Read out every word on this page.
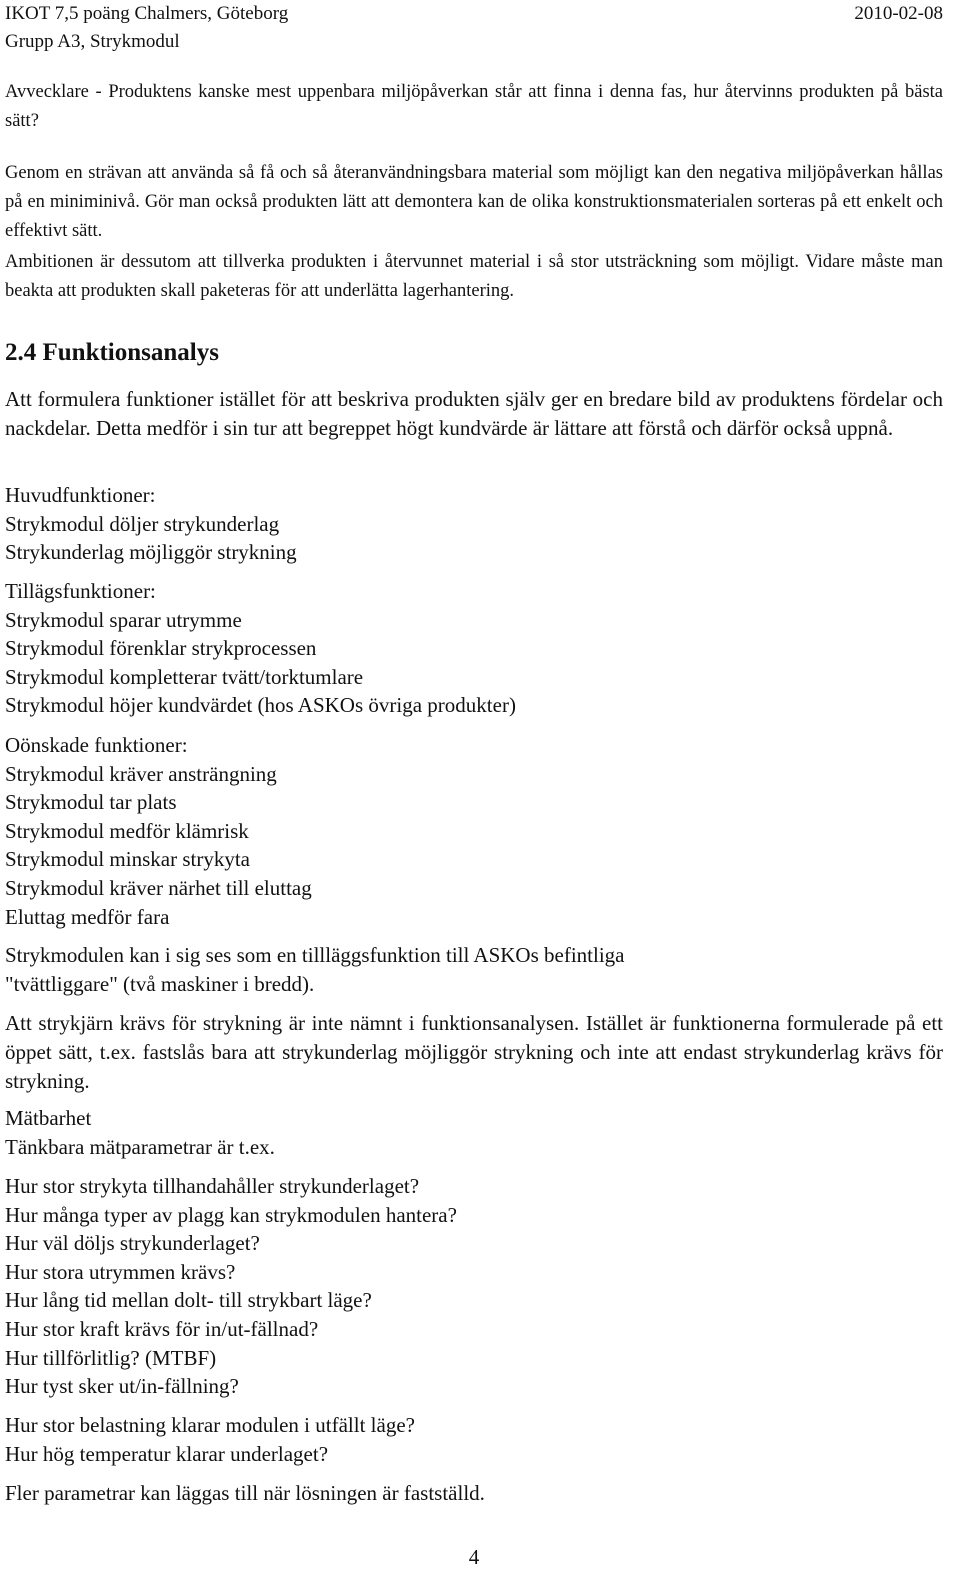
IKOT 7,5 poäng Chalmers, Göteborg	2010-02-08
Grupp A3, Strykmodul

Avvecklare - Produktens kanske mest uppenbara miljöpåverkan står att finna i denna fas, hur återvinns produkten på bästa sätt?

Genom en strävan att använda så få och så återanvändningsbara material som möjligt kan den negativa miljöpåverkan hållas på en miniminivå. Gör man också produkten lätt att demontera kan de olika konstruktionsmaterialen sorteras på ett enkelt och effektivt sätt.

Ambitionen är dessutom att tillverka produkten i återvunnet material i så stor utsträckning som möjligt. Vidare måste man beakta att produkten skall paketeras för att underlätta lagerhantering.

2.4 Funktionsanalys

Att formulera funktioner istället för att beskriva produkten själv ger en bredare bild av produktens fördelar och nackdelar. Detta medför i sin tur att begreppet högt kundvärde är lättare att förstå och därför också uppnå.

Huvudfunktioner:
Strykmodul döljer strykunderlag
Strykunderlag möjliggör strykning
Tillägsfunktioner:
Strykmodul sparar utrymme
Strykmodul förenklar strykprocessen
Strykmodul kompletterar tvätt/torktumlare
Strykmodul höjer kundvärdet (hos ASKOs övriga produkter)
Oönskade funktioner:
Strykmodul kräver ansträngning
Strykmodul tar plats
Strykmodul medför klämrisk
Strykmodul minskar strykyta
Strykmodul kräver närhet till eluttag
Eluttag medför fara
Strykmodulen kan i sig ses som en tillläggsfunktion till ASKOs befintliga
"tvättliggare" (två maskiner i bredd).

Att strykjärn krävs för strykning är inte nämnt i funktionsanalysen. Istället är funktionerna formulerade på ett öppet sätt, t.ex. fastslås bara att strykunderlag möjliggör strykning och inte att endast strykunderlag krävs för strykning.

Mätbarhet
Tänkbara mätparametrar är t.ex.
Hur stor strykyta tillhandahåller strykunderlaget?
Hur många typer av plagg kan strykmodulen hantera?
Hur väl döljs strykunderlaget?
Hur stora utrymmen krävs?
Hur lång tid mellan dolt- till strykbart läge?
Hur stor kraft krävs för in/ut-fällnad?
Hur tillförlitlig? (MTBF)
Hur tyst sker ut/in-fällning?
Hur stor belastning klarar modulen i utfällt läge?
Hur hög temperatur klarar underlaget?
Fler parametrar kan läggas till när lösningen är fastställd.
4
